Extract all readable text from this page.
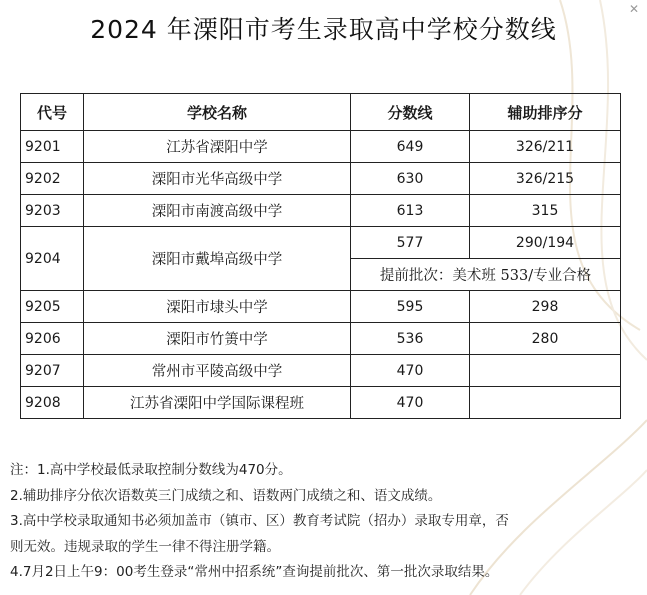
✕
2024 年溧阳市考生录取高中学校分数线
代号	学校名称	分数线	辅助排序分
9201	江苏省溧阳中学	649	326/211
9202	溧阳市光华高级中学	630	326/215
9203	溧阳市南渡高级中学	613	315
9204	溧阳市戴埠高级中学	577	290/194
		提前批次：美术班 533/专业合格	
9205	溧阳市埭头中学	595	298
9206	溧阳市竹箦中学	536	280
9207	常州市平陵高级中学	470	
9208	江苏省溧阳中学国际课程班	470	

注：1.高中学校最低录取控制分数线为470分。

2.辅助排序分依次语数英三门成绩之和、语数两门成绩之和、语文成绩。

3.高中学校录取通知书必须加盖市（镇市、区）教育考试院（招办）录取专用章，否

则无效。违规录取的学生一律不得注册学籍。

4.7月2日上午9：00考生登录“常州中招系统”查询提前批次、第一批次录取结果。
